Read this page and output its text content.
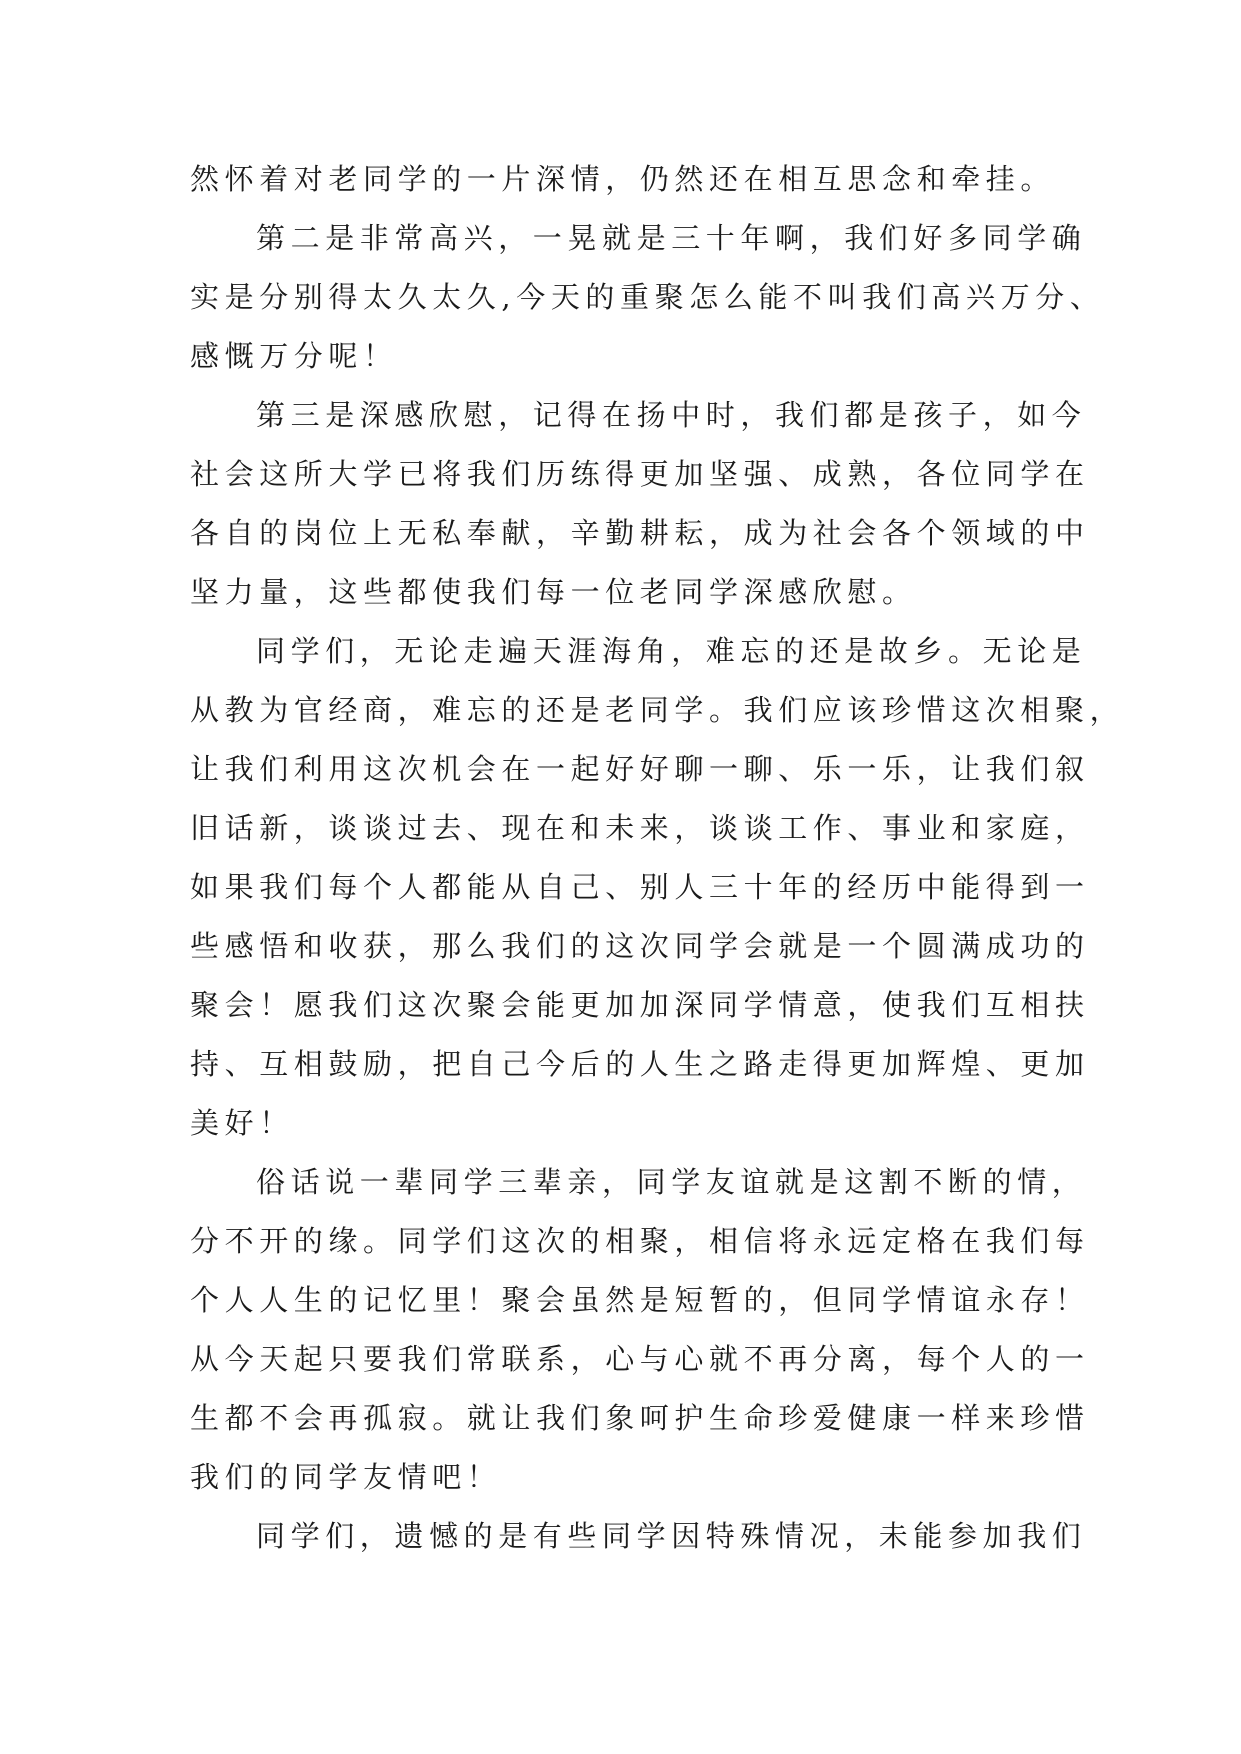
然怀着对老同学的一片深情，仍然还在相互思念和牵挂。
第二是非常高兴，一晃就是三十年啊，我们好多同学确
实是分别得太久太久,今天的重聚怎么能不叫我们高兴万分、
感慨万分呢！
第三是深感欣慰，记得在扬中时，我们都是孩子，如今
社会这所大学已将我们历练得更加坚强、成熟，各位同学在
各自的岗位上无私奉献，辛勤耕耘，成为社会各个领域的中
坚力量，这些都使我们每一位老同学深感欣慰。
同学们，无论走遍天涯海角，难忘的还是故乡。无论是
从教为官经商，难忘的还是老同学。我们应该珍惜这次相聚，
让我们利用这次机会在一起好好聊一聊、乐一乐，让我们叙
旧话新，谈谈过去、现在和未来，谈谈工作、事业和家庭，
如果我们每个人都能从自己、别人三十年的经历中能得到一
些感悟和收获，那么我们的这次同学会就是一个圆满成功的
聚会！愿我们这次聚会能更加加深同学情意，使我们互相扶
持、互相鼓励，把自己今后的人生之路走得更加辉煌、更加
美好！
俗话说一辈同学三辈亲，同学友谊就是这割不断的情，
分不开的缘。同学们这次的相聚，相信将永远定格在我们每
个人人生的记忆里！聚会虽然是短暂的，但同学情谊永存！
从今天起只要我们常联系，心与心就不再分离，每个人的一
生都不会再孤寂。就让我们象呵护生命珍爱健康一样来珍惜
我们的同学友情吧！
同学们，遗憾的是有些同学因特殊情况，未能参加我们
